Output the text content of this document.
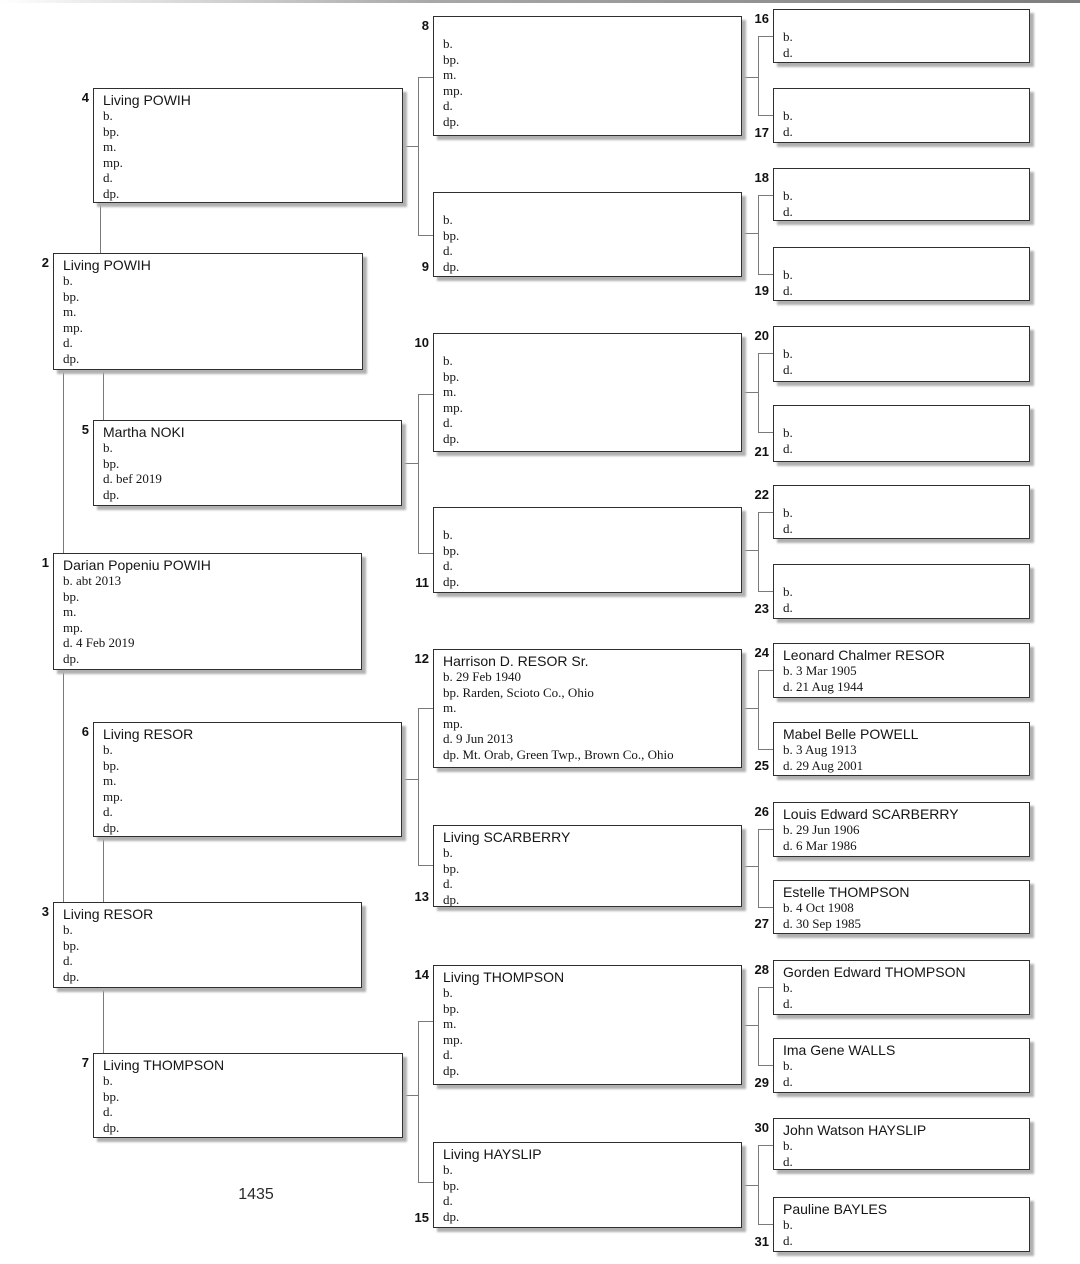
Darian Popeniu POWIH
b. abt 2013
bp.
m.
mp.
d. 4 Feb 2019
dp.
1
Living POWIH
b.
bp.
m.
mp.
d.
dp.
2
Living RESOR
b.
bp.
d.
dp.
3
Living POWIH
b.
bp.
m.
mp.
d.
dp.
4
Martha NOKI
b.
bp.
d. bef 2019
dp.
5
Living RESOR
b.
bp.
m.
mp.
d.
dp.
6
Living THOMPSON
b.
bp.
d.
dp.
7
b.
bp.
m.
mp.
d.
dp.
8
b.
bp.
d.
dp.
9
b.
bp.
m.
mp.
d.
dp.
10
b.
bp.
d.
dp.
11
Harrison D. RESOR Sr.
b. 29 Feb 1940
bp. Rarden, Scioto Co., Ohio
m.
mp.
d. 9 Jun 2013
dp. Mt. Orab, Green Twp., Brown Co., Ohio
12
Living SCARBERRY
b.
bp.
d.
dp.
13
Living THOMPSON
b.
bp.
m.
mp.
d.
dp.
14
Living HAYSLIP
b.
bp.
d.
dp.
15
b.
d.
16
b.
d.
17
b.
d.
18
b.
d.
19
b.
d.
20
b.
d.
21
b.
d.
22
b.
d.
23
Leonard Chalmer RESOR
b. 3 Mar 1905
d. 21 Aug 1944
24
Mabel Belle POWELL
b. 3 Aug 1913
d. 29 Aug 2001
25
Louis Edward SCARBERRY
b. 29 Jun 1906
d. 6 Mar 1986
26
Estelle THOMPSON
b. 4 Oct 1908
d. 30 Sep 1985
27
Gorden Edward THOMPSON
b.
d.
28
Ima Gene WALLS
b.
d.
29
John Watson HAYSLIP
b.
d.
30
Pauline BAYLES
b.
d.
31
1435
